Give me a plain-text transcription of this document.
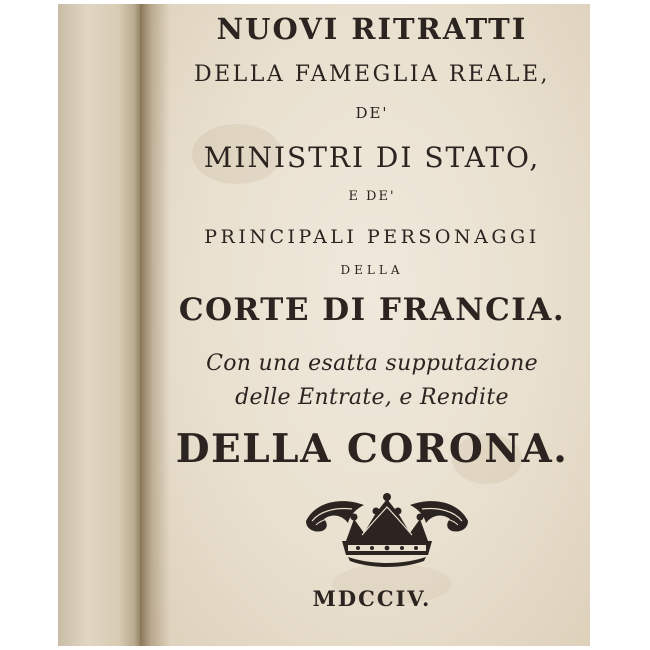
NUOVI RITRATTI

DELLA FAMEGLIA REALE,

DE'

MINISTRI DI STATO,

E DE'

PRINCIPALI PERSONAGGI

DELLA

CORTE DI FRANCIA.

Con una esatta supputazione

delle Entrate, e Rendite

DELLA CORONA.

MDCCIV.
